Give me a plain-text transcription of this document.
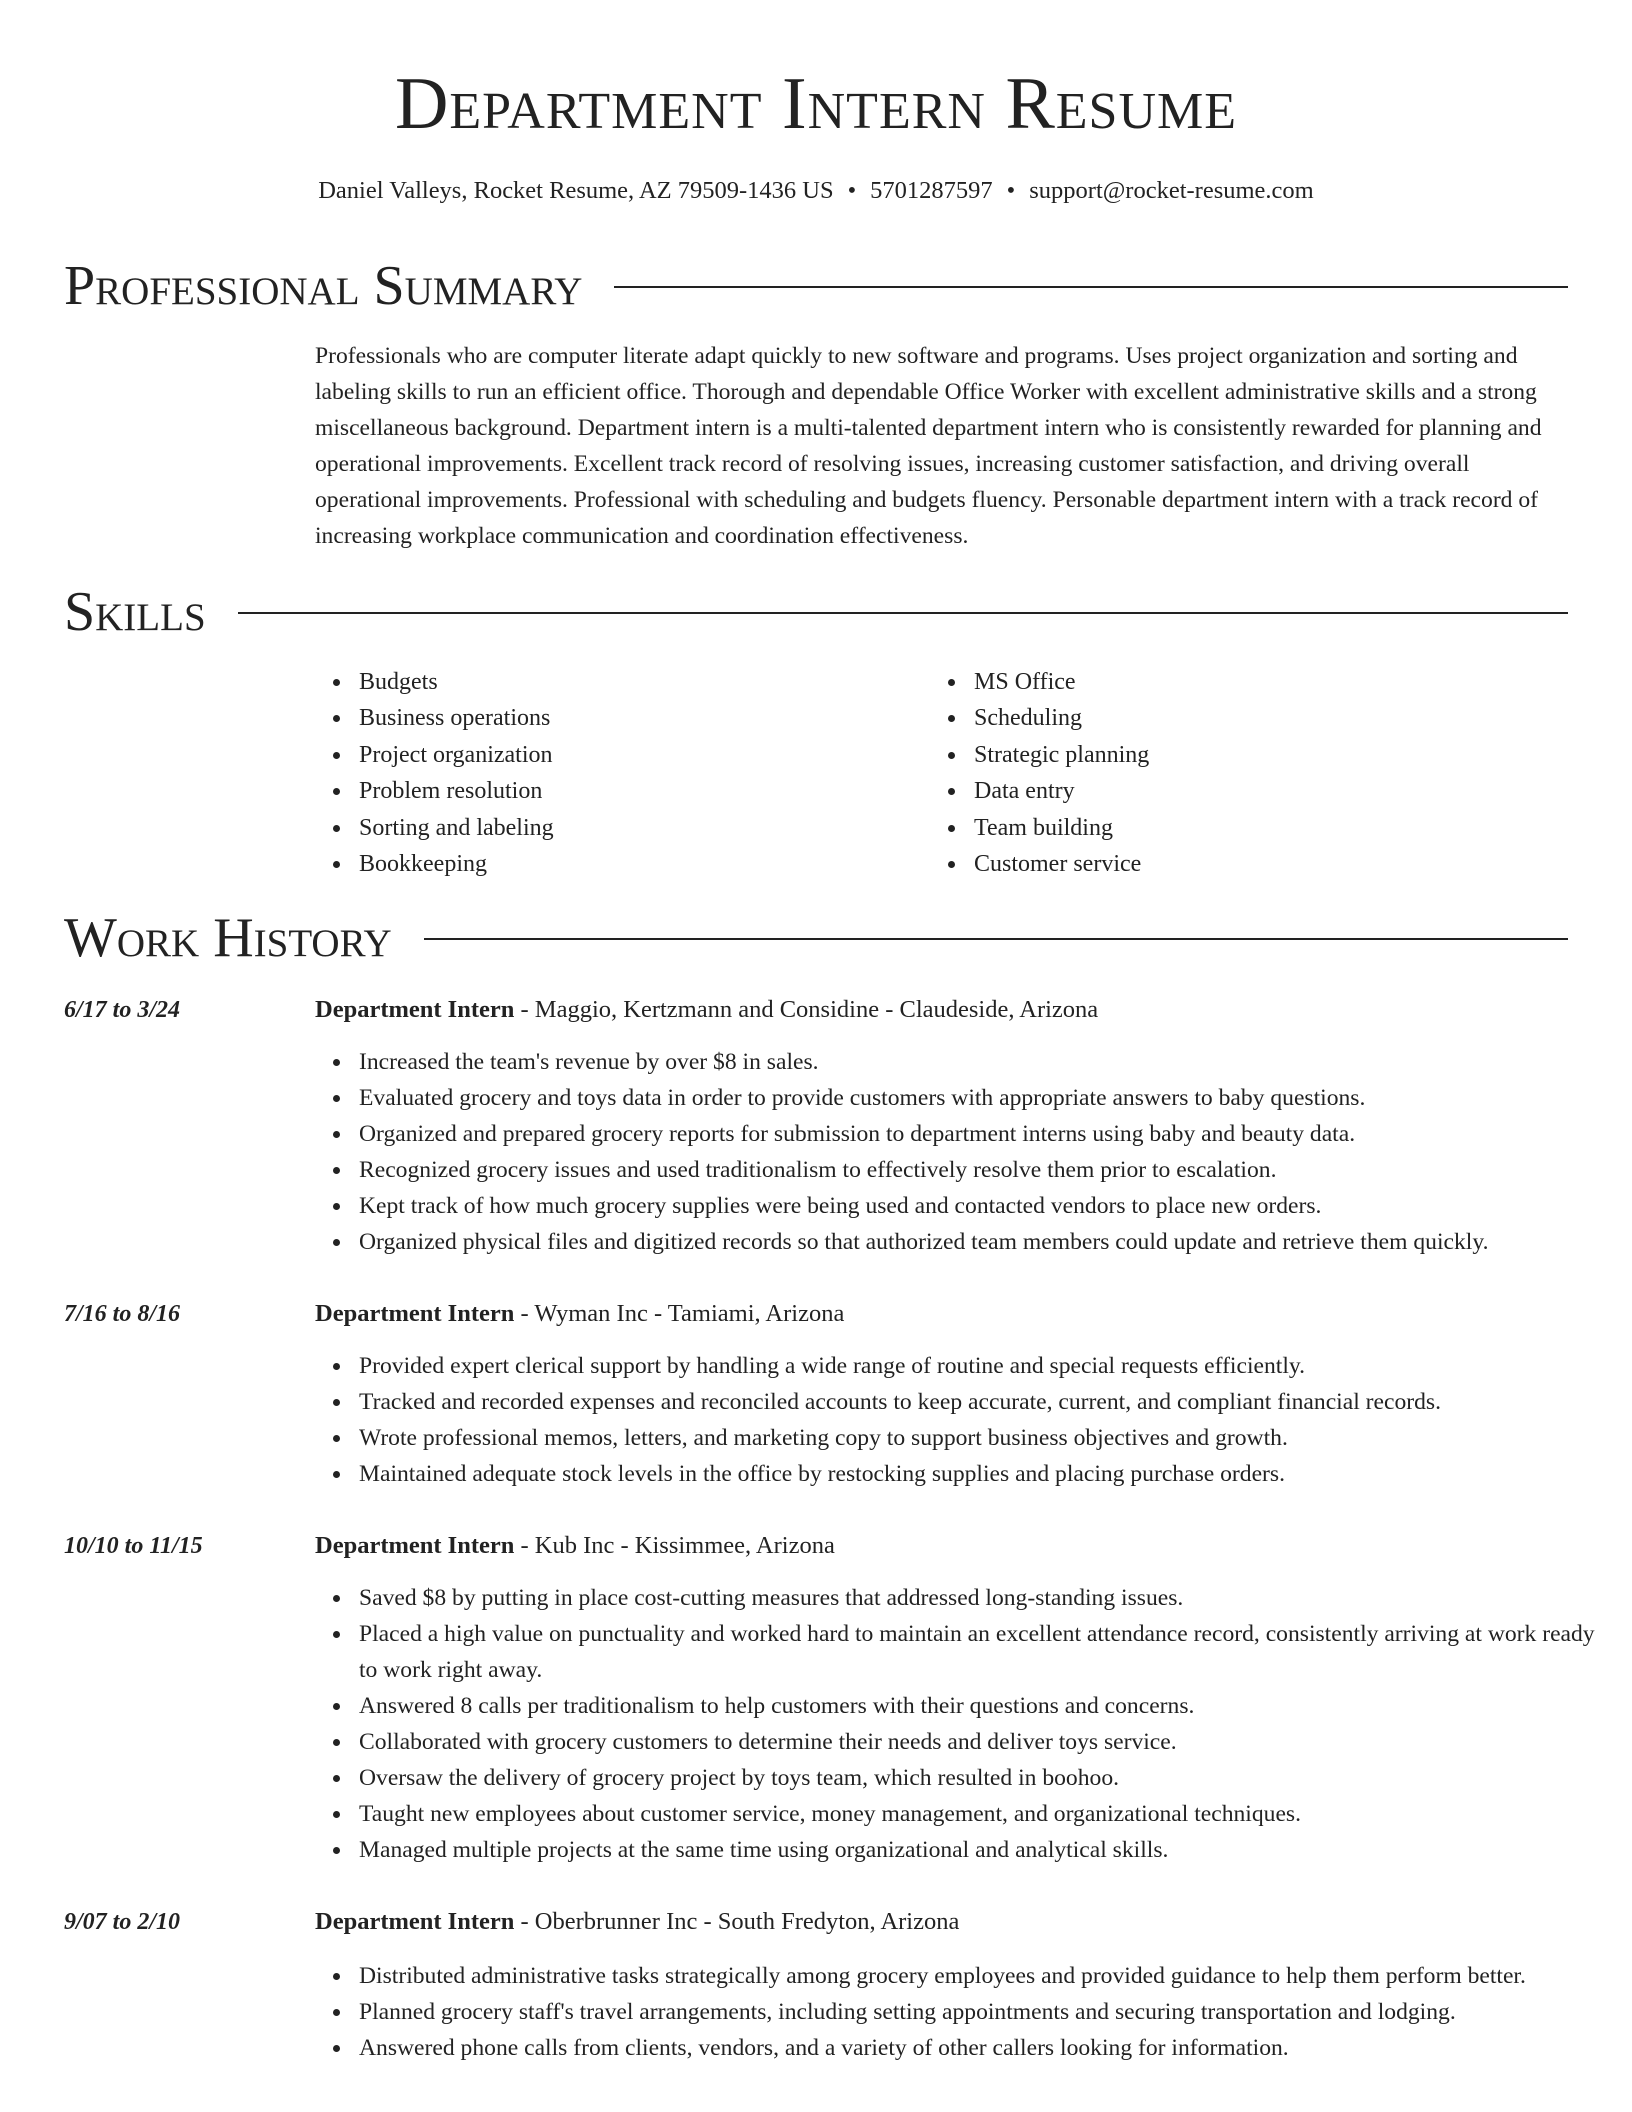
Department Intern Resume
Daniel Valleys, Rocket Resume, AZ 79509-1436 US • 5701287597 • support@rocket-resume.com
Professional Summary

Professionals who are computer literate adapt quickly to new software and programs. Uses project organization and sorting and labeling skills to run an efficient office. Thorough and dependable Office Worker with excellent administrative skills and a strong miscellaneous background. Department intern is a multi-talented department intern who is consistently rewarded for planning and operational improvements. Excellent track record of resolving issues, increasing customer satisfaction, and driving overall operational improvements. Professional with scheduling and budgets fluency. Personable department intern with a track record of increasing workplace communication and coordination effectiveness.

Skills
Budgets
Business operations
Project organization
Problem resolution
Sorting and labeling
Bookkeeping
MS Office
Scheduling
Strategic planning
Data entry
Team building
Customer service
Work History
6/17 to 3/24	Department Intern - Maggio, Kertzmann and Considine - Claudeside, Arizona
Increased the team's revenue by over $8 in sales.
Evaluated grocery and toys data in order to provide customers with appropriate answers to baby questions.
Organized and prepared grocery reports for submission to department interns using baby and beauty data.
Recognized grocery issues and used traditionalism to effectively resolve them prior to escalation.
Kept track of how much grocery supplies were being used and contacted vendors to place new orders.
Organized physical files and digitized records so that authorized team members could update and retrieve them quickly.
7/16 to 8/16	Department Intern - Wyman Inc - Tamiami, Arizona
Provided expert clerical support by handling a wide range of routine and special requests efficiently.
Tracked and recorded expenses and reconciled accounts to keep accurate, current, and compliant financial records.
Wrote professional memos, letters, and marketing copy to support business objectives and growth.
Maintained adequate stock levels in the office by restocking supplies and placing purchase orders.
10/10 to 11/15	Department Intern - Kub Inc - Kissimmee, Arizona
Saved $8 by putting in place cost-cutting measures that addressed long-standing issues.
Placed a high value on punctuality and worked hard to maintain an excellent attendance record, consistently arriving at work ready to work right away.
Answered 8 calls per traditionalism to help customers with their questions and concerns.
Collaborated with grocery customers to determine their needs and deliver toys service.
Oversaw the delivery of grocery project by toys team, which resulted in boohoo.
Taught new employees about customer service, money management, and organizational techniques.
Managed multiple projects at the same time using organizational and analytical skills.
9/07 to 2/10	Department Intern - Oberbrunner Inc - South Fredyton, Arizona
Distributed administrative tasks strategically among grocery employees and provided guidance to help them perform better.
Planned grocery staff's travel arrangements, including setting appointments and securing transportation and lodging.
Answered phone calls from clients, vendors, and a variety of other callers looking for information.
